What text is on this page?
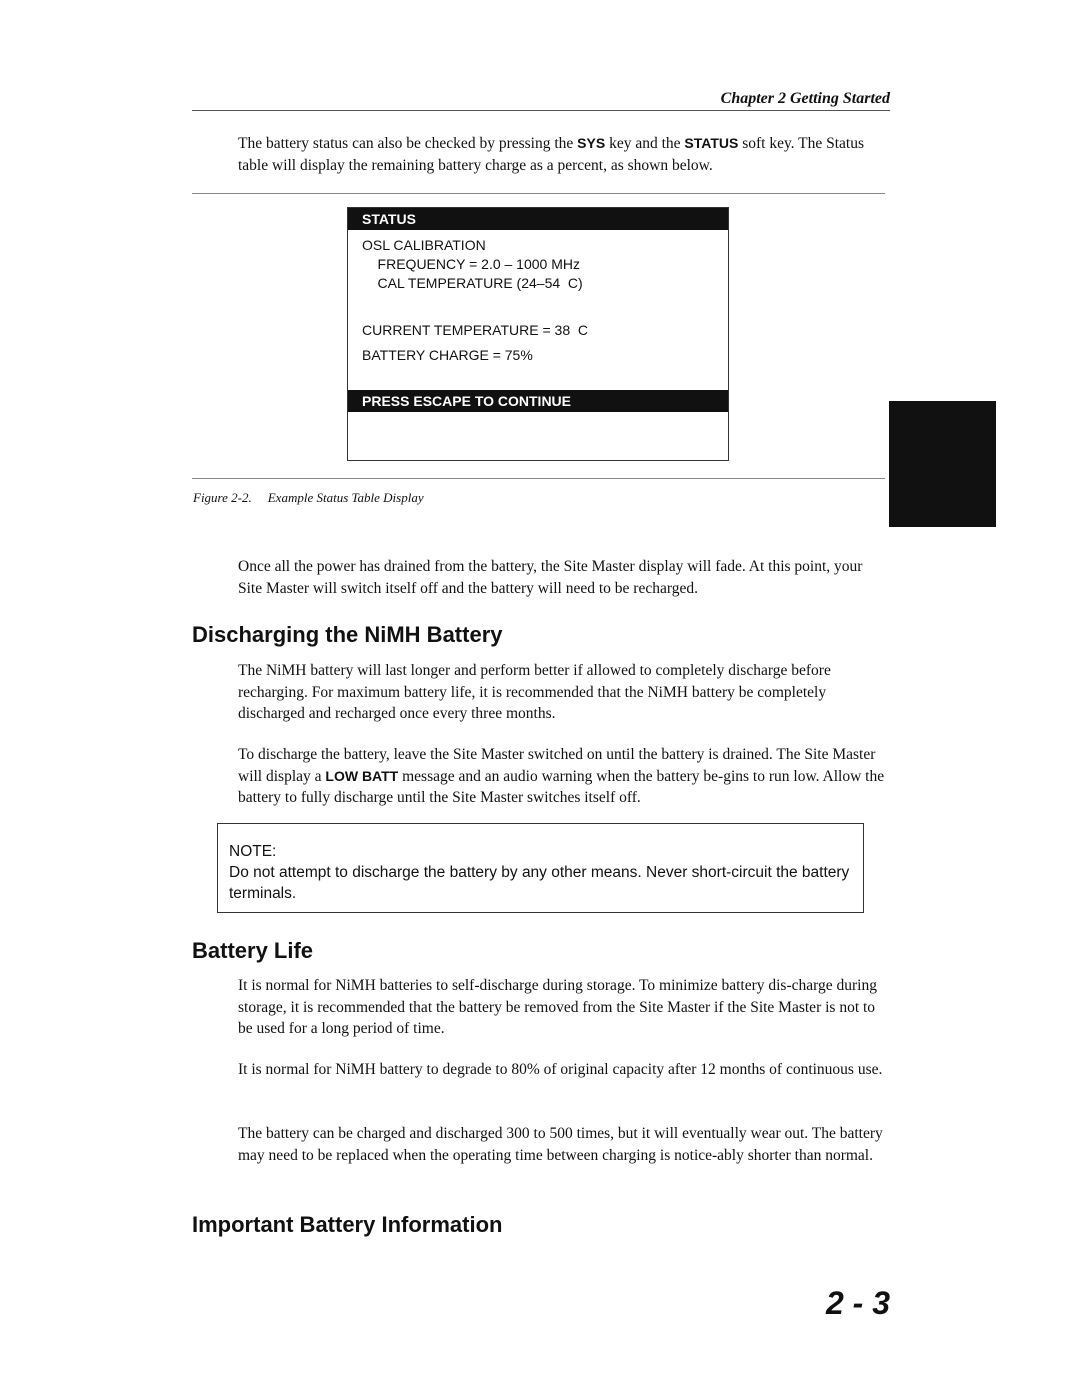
Chapter 2 Getting Started
The battery status can also be checked by pressing the SYS key and the STATUS soft key. The Status table will display the remaining battery charge as a percent, as shown below.
STATUS
OSL CALIBRATION
FREQUENCY = 2.0 – 1000 MHz
CAL TEMPERATURE (24–54  C)
CURRENT TEMPERATURE = 38  C
BATTERY CHARGE = 75%
PRESS ESCAPE TO CONTINUE
Figure 2-2. Example Status Table Display
Once all the power has drained from the battery, the Site Master display will fade. At this point, your Site Master will switch itself off and the battery will need to be recharged.
Discharging the NiMH Battery
The NiMH battery will last longer and perform better if allowed to completely discharge before recharging. For maximum battery life, it is recommended that the NiMH battery be completely discharged and recharged once every three months.
To discharge the battery, leave the Site Master switched on until the battery is drained. The Site Master will display a LOW BATT message and an audio warning when the battery be-gins to run low. Allow the battery to fully discharge until the Site Master switches itself off.
NOTE:
Do not attempt to discharge the battery by any other means. Never short-circuit the battery terminals.
Battery Life
It is normal for NiMH batteries to self-discharge during storage. To minimize battery dis-charge during storage, it is recommended that the battery be removed from the Site Master if the Site Master is not to be used for a long period of time.
It is normal for NiMH battery to degrade to 80% of original capacity after 12 months of continuous use.
The battery can be charged and discharged 300 to 500 times, but it will eventually wear out. The battery may need to be replaced when the operating time between charging is notice-ably shorter than normal.
Important Battery Information
2 - 3
